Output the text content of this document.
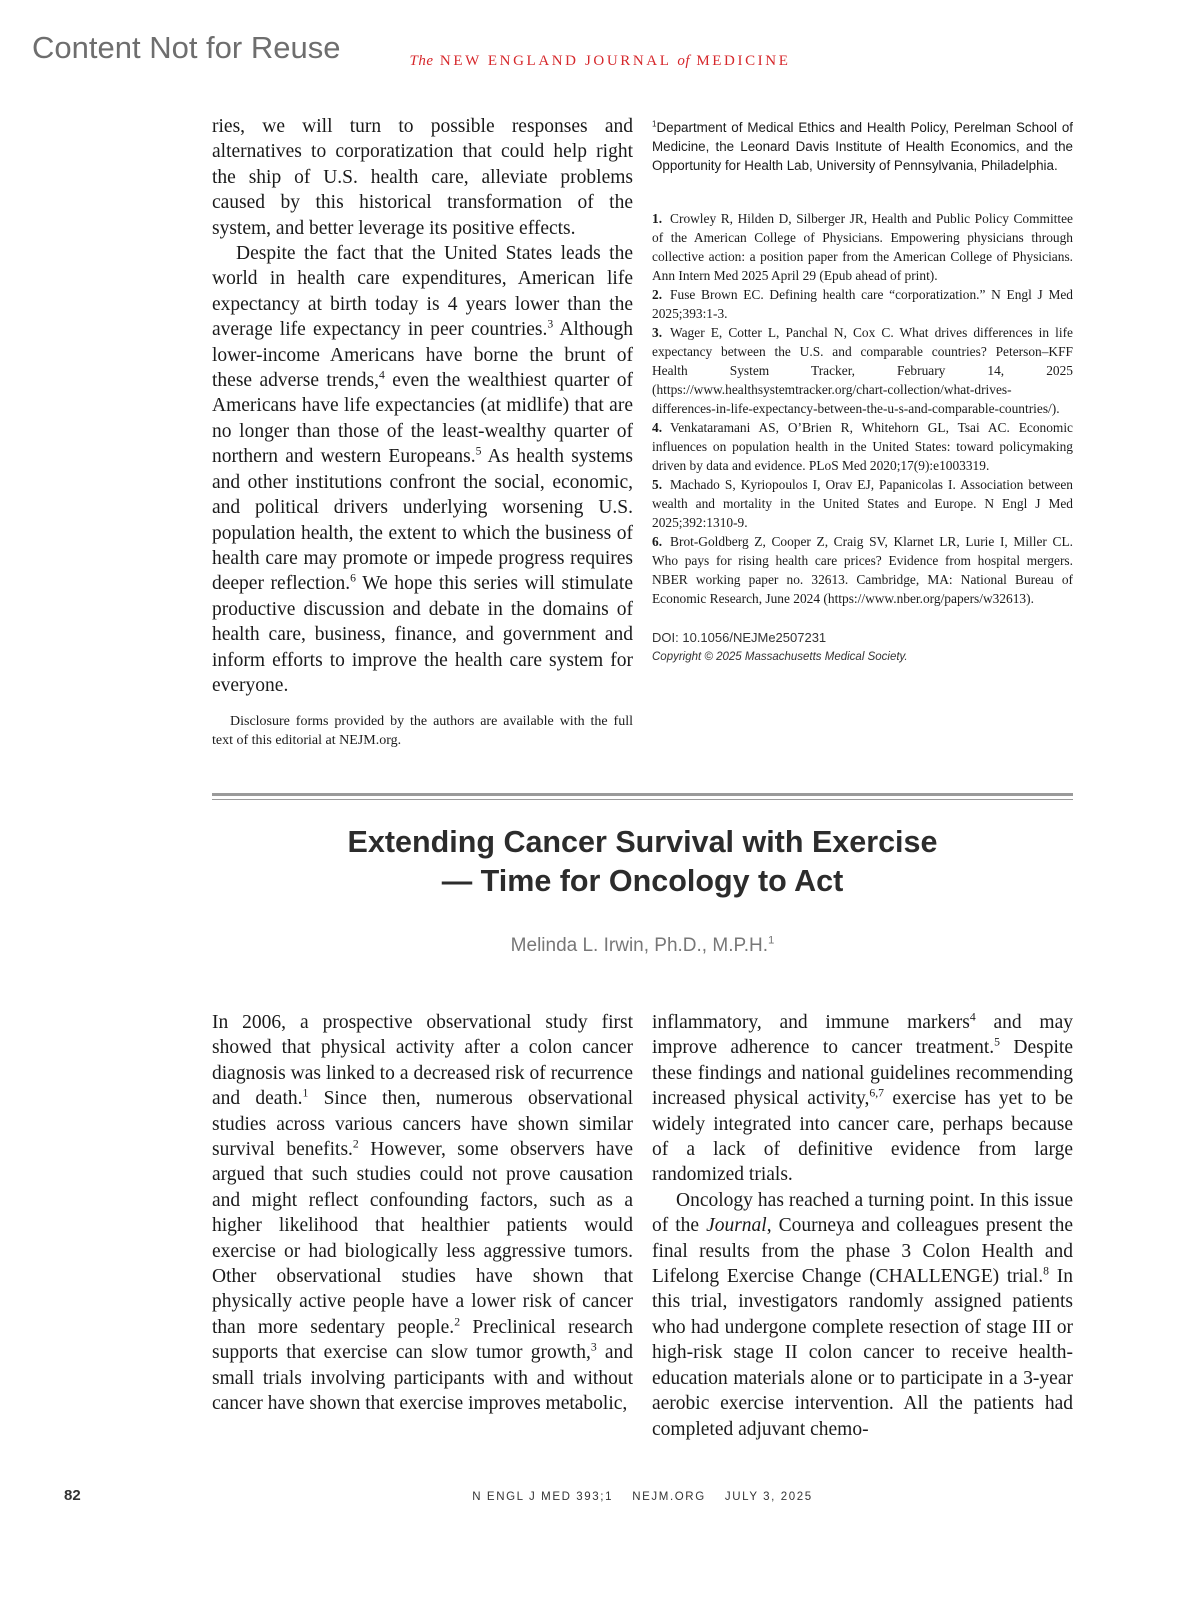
Content Not for Reuse	The NEW ENGLAND JOURNAL of MEDICINE

ries, we will turn to possible responses and alternatives to corporatization that could help right the ship of U.S. health care, alleviate problems caused by this historical transformation of the system, and better leverage its positive effects.

Despite the fact that the United States leads the world in health care expenditures, American life expectancy at birth today is 4 years lower than the average life expectancy in peer countries.$^3$ Although lower-income Americans have borne the brunt of these adverse trends,$^4$ even the wealthiest quarter of Americans have life expectancies (at midlife) that are no longer than those of the least-wealthy quarter of northern and western Europeans.$^5$ As health systems and other institutions confront the social, economic, and political drivers underlying worsening U.S. population health, the extent to which the business of health care may promote or impede progress requires deeper reflection.$^6$ We hope this series will stimulate productive discussion and debate in the domains of health care, business, finance, and government and inform efforts to improve the health care system for everyone.

Disclosure forms provided by the authors are available with the full text of this editorial at NEJM.org.

$^1$Department of Medical Ethics and Health Policy, Perelman School of Medicine, the Leonard Davis Institute of Health Economics, and the Opportunity for Health Lab, University of Pennsylvania, Philadelphia.

1. Crowley R, Hilden D, Silberger JR, Health and Public Policy Committee of the American College of Physicians. Empowering physicians through collective action: a position paper from the American College of Physicians. Ann Intern Med 2025 April 29 (Epub ahead of print).
2. Fuse Brown EC. Defining health care “corporatization.” N Engl J Med 2025;393:1-3.
3. Wager E, Cotter L, Panchal N, Cox C. What drives differences in life expectancy between the U.S. and comparable countries? Peterson–KFF Health System Tracker, February 14, 2025 (https://www.healthsystemtracker.org/chart-collection/what-drives-differences-in-life-expectancy-between-the-u-s-and-comparable-countries/).
4. Venkataramani AS, O’Brien R, Whitehorn GL, Tsai AC. Economic influences on population health in the United States: toward policymaking driven by data and evidence. PLoS Med 2020;17(9):e1003319.
5. Machado S, Kyriopoulos I, Orav EJ, Papanicolas I. Association between wealth and mortality in the United States and Europe. N Engl J Med 2025;392:1310-9.
6. Brot-Goldberg Z, Cooper Z, Craig SV, Klarnet LR, Lurie I, Miller CL. Who pays for rising health care prices? Evidence from hospital mergers. NBER working paper no. 32613. Cambridge, MA: National Bureau of Economic Research, June 2024 (https://www.nber.org/papers/w32613).
DOI: 10.1056/NEJMe2507231
Copyright © 2025 Massachusetts Medical Society.
Extending Cancer Survival with Exercise
— Time for Oncology to Act
Melinda L. Irwin, Ph.D., M.P.H.$^1$

In 2006, a prospective observational study first showed that physical activity after a colon cancer diagnosis was linked to a decreased risk of recurrence and death.$^1$ Since then, numerous observational studies across various cancers have shown similar survival benefits.$^2$ However, some observers have argued that such studies could not prove causation and might reflect confounding factors, such as a higher likelihood that healthier patients would exercise or had biologically less aggressive tumors. Other observational studies have shown that physically active people have a lower risk of cancer than more sedentary people.$^2$ Preclinical research supports that exercise can slow tumor growth,$^3$ and small trials involving participants with and without cancer have shown that exercise improves metabolic,

inflammatory, and immune markers$^4$ and may improve adherence to cancer treatment.$^5$ Despite these findings and national guidelines recommending increased physical activity,$^{6,7}$ exercise has yet to be widely integrated into cancer care, perhaps because of a lack of definitive evidence from large randomized trials.

Oncology has reached a turning point. In this issue of the Journal, Courneya and colleagues present the final results from the phase 3 Colon Health and Lifelong Exercise Change (CHALLENGE) trial.$^8$ In this trial, investigators randomly assigned patients who had undergone complete resection of stage III or high-risk stage II colon cancer to receive health-education materials alone or to participate in a 3-year aerobic exercise intervention. All the patients had completed adjuvant chemo-

82	N ENGL J MED 393;1    NEJM.ORG    JULY 3, 2025
